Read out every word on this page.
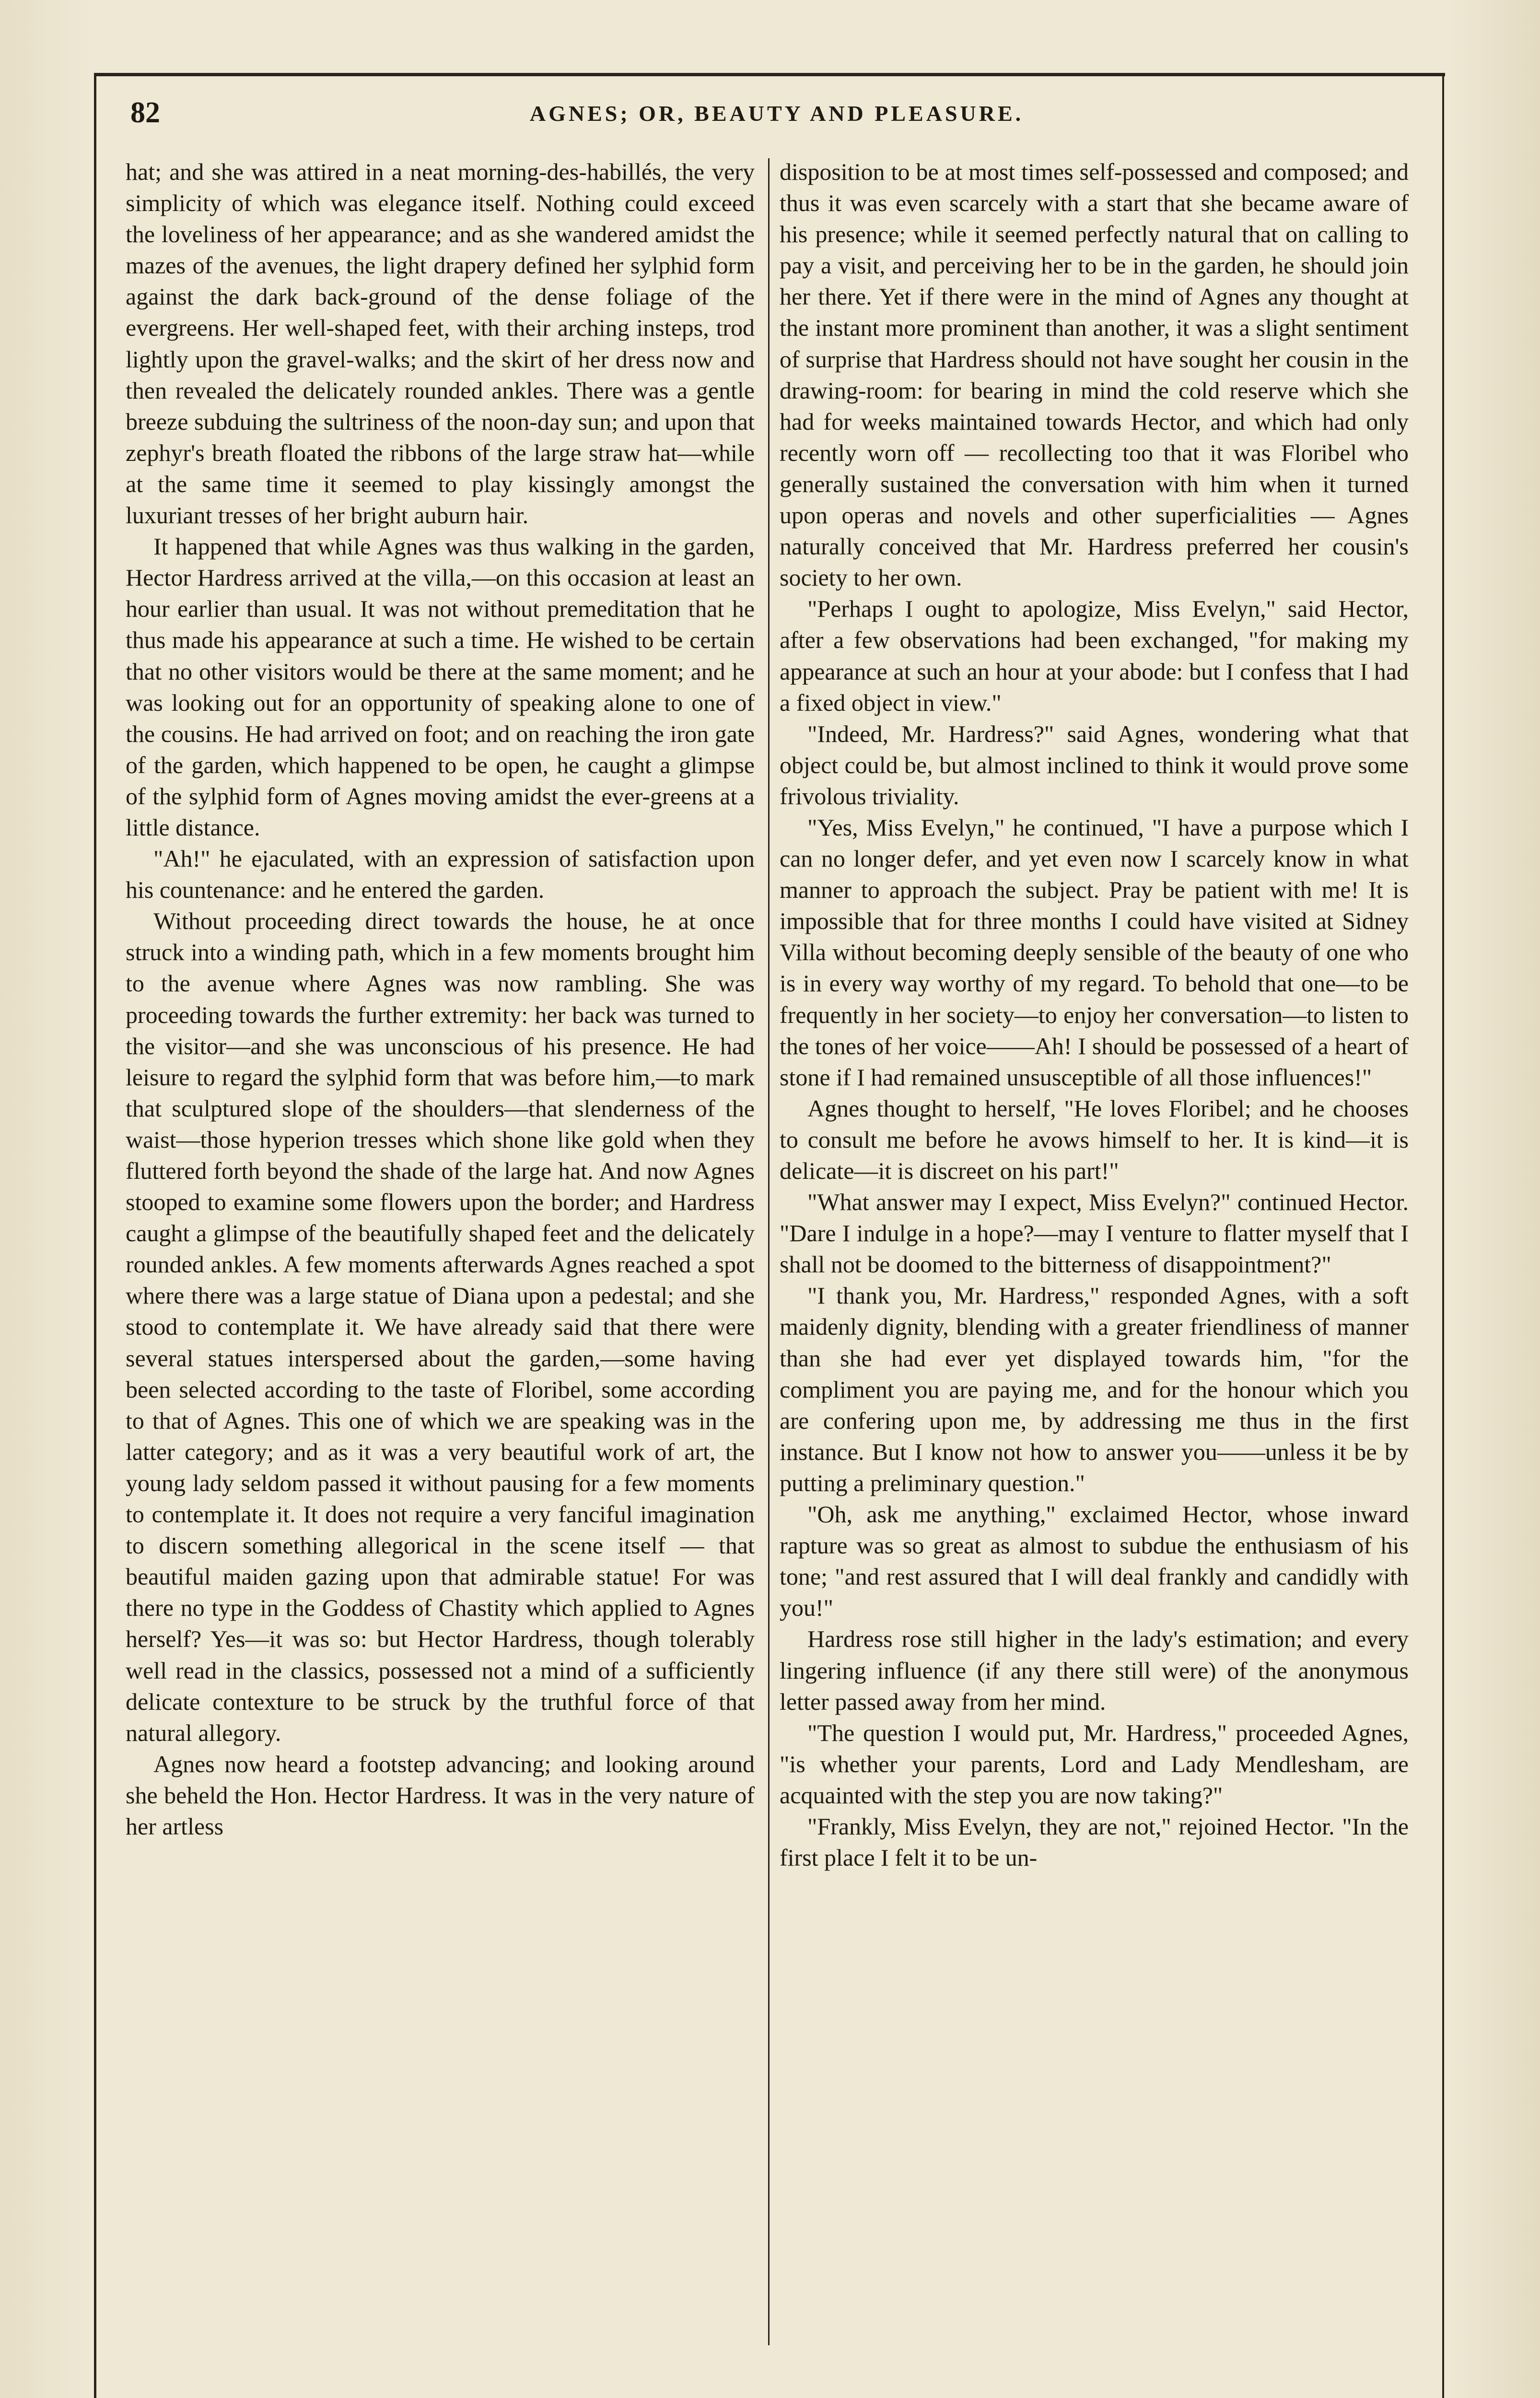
82	AGNES; OR, BEAUTY AND PLEASURE.

hat; and she was attired in a neat morning-des-habillés, the very simplicity of which was elegance itself. Nothing could exceed the loveliness of her appearance; and as she wandered amidst the mazes of the avenues, the light drapery defined her sylphid form against the dark back-ground of the dense foliage of the evergreens. Her well-shaped feet, with their arching insteps, trod lightly upon the gravel-walks; and the skirt of her dress now and then revealed the delicately rounded ankles. There was a gentle breeze subduing the sultriness of the noon-day sun; and upon that zephyr's breath floated the ribbons of the large straw hat—while at the same time it seemed to play kissingly amongst the luxuriant tresses of her bright auburn hair.

It happened that while Agnes was thus walking in the garden, Hector Hardress arrived at the villa,—on this occasion at least an hour earlier than usual. It was not without premeditation that he thus made his appearance at such a time. He wished to be certain that no other visitors would be there at the same moment; and he was looking out for an opportunity of speaking alone to one of the cousins. He had arrived on foot; and on reaching the iron gate of the garden, which happened to be open, he caught a glimpse of the sylphid form of Agnes moving amidst the ever-greens at a little distance.

"Ah!" he ejaculated, with an expression of satisfaction upon his countenance: and he entered the garden.

Without proceeding direct towards the house, he at once struck into a winding path, which in a few moments brought him to the avenue where Agnes was now rambling. She was proceeding towards the further extremity: her back was turned to the visitor—and she was unconscious of his presence. He had leisure to regard the sylphid form that was before him,—to mark that sculptured slope of the shoulders—that slenderness of the waist—those hyperion tresses which shone like gold when they fluttered forth beyond the shade of the large hat. And now Agnes stooped to examine some flowers upon the border; and Hardress caught a glimpse of the beautifully shaped feet and the delicately rounded ankles. A few moments afterwards Agnes reached a spot where there was a large statue of Diana upon a pedestal; and she stood to contemplate it. We have already said that there were several statues interspersed about the garden,—some having been selected according to the taste of Floribel, some according to that of Agnes. This one of which we are speaking was in the latter category; and as it was a very beautiful work of art, the young lady seldom passed it without pausing for a few moments to contemplate it. It does not require a very fanciful imagination to discern something allegorical in the scene itself — that beautiful maiden gazing upon that admirable statue! For was there no type in the Goddess of Chastity which applied to Agnes herself? Yes—it was so: but Hector Hardress, though tolerably well read in the classics, possessed not a mind of a sufficiently delicate contexture to be struck by the truthful force of that natural allegory.

Agnes now heard a footstep advancing; and looking around she beheld the Hon. Hector Hardress. It was in the very nature of her artless

disposition to be at most times self-possessed and composed; and thus it was even scarcely with a start that she became aware of his presence; while it seemed perfectly natural that on calling to pay a visit, and perceiving her to be in the garden, he should join her there. Yet if there were in the mind of Agnes any thought at the instant more prominent than another, it was a slight sentiment of surprise that Hardress should not have sought her cousin in the drawing-room: for bearing in mind the cold reserve which she had for weeks maintained towards Hector, and which had only recently worn off — recollecting too that it was Floribel who generally sustained the conversation with him when it turned upon operas and novels and other superficialities — Agnes naturally conceived that Mr. Hardress preferred her cousin's society to her own.

"Perhaps I ought to apologize, Miss Evelyn," said Hector, after a few observations had been exchanged, "for making my appearance at such an hour at your abode: but I confess that I had a fixed object in view."

"Indeed, Mr. Hardress?" said Agnes, wondering what that object could be, but almost inclined to think it would prove some frivolous triviality.

"Yes, Miss Evelyn," he continued, "I have a purpose which I can no longer defer, and yet even now I scarcely know in what manner to approach the subject. Pray be patient with me! It is impossible that for three months I could have visited at Sidney Villa without becoming deeply sensible of the beauty of one who is in every way worthy of my regard. To behold that one—to be frequently in her society—to enjoy her conversation—to listen to the tones of her voice——Ah! I should be possessed of a heart of stone if I had remained unsusceptible of all those influences!"

Agnes thought to herself, "He loves Floribel; and he chooses to consult me before he avows himself to her. It is kind—it is delicate—it is discreet on his part!"

"What answer may I expect, Miss Evelyn?" continued Hector. "Dare I indulge in a hope?—may I venture to flatter myself that I shall not be doomed to the bitterness of disappointment?"

"I thank you, Mr. Hardress," responded Agnes, with a soft maidenly dignity, blending with a greater friendliness of manner than she had ever yet displayed towards him, "for the compliment you are paying me, and for the honour which you are confering upon me, by addressing me thus in the first instance. But I know not how to answer you——unless it be by putting a preliminary question."

"Oh, ask me anything," exclaimed Hector, whose inward rapture was so great as almost to subdue the enthusiasm of his tone; "and rest assured that I will deal frankly and candidly with you!"

Hardress rose still higher in the lady's estimation; and every lingering influence (if any there still were) of the anonymous letter passed away from her mind.

"The question I would put, Mr. Hardress," proceeded Agnes, "is whether your parents, Lord and Lady Mendlesham, are acquainted with the step you are now taking?"

"Frankly, Miss Evelyn, they are not," rejoined Hector. "In the first place I felt it to be un-
